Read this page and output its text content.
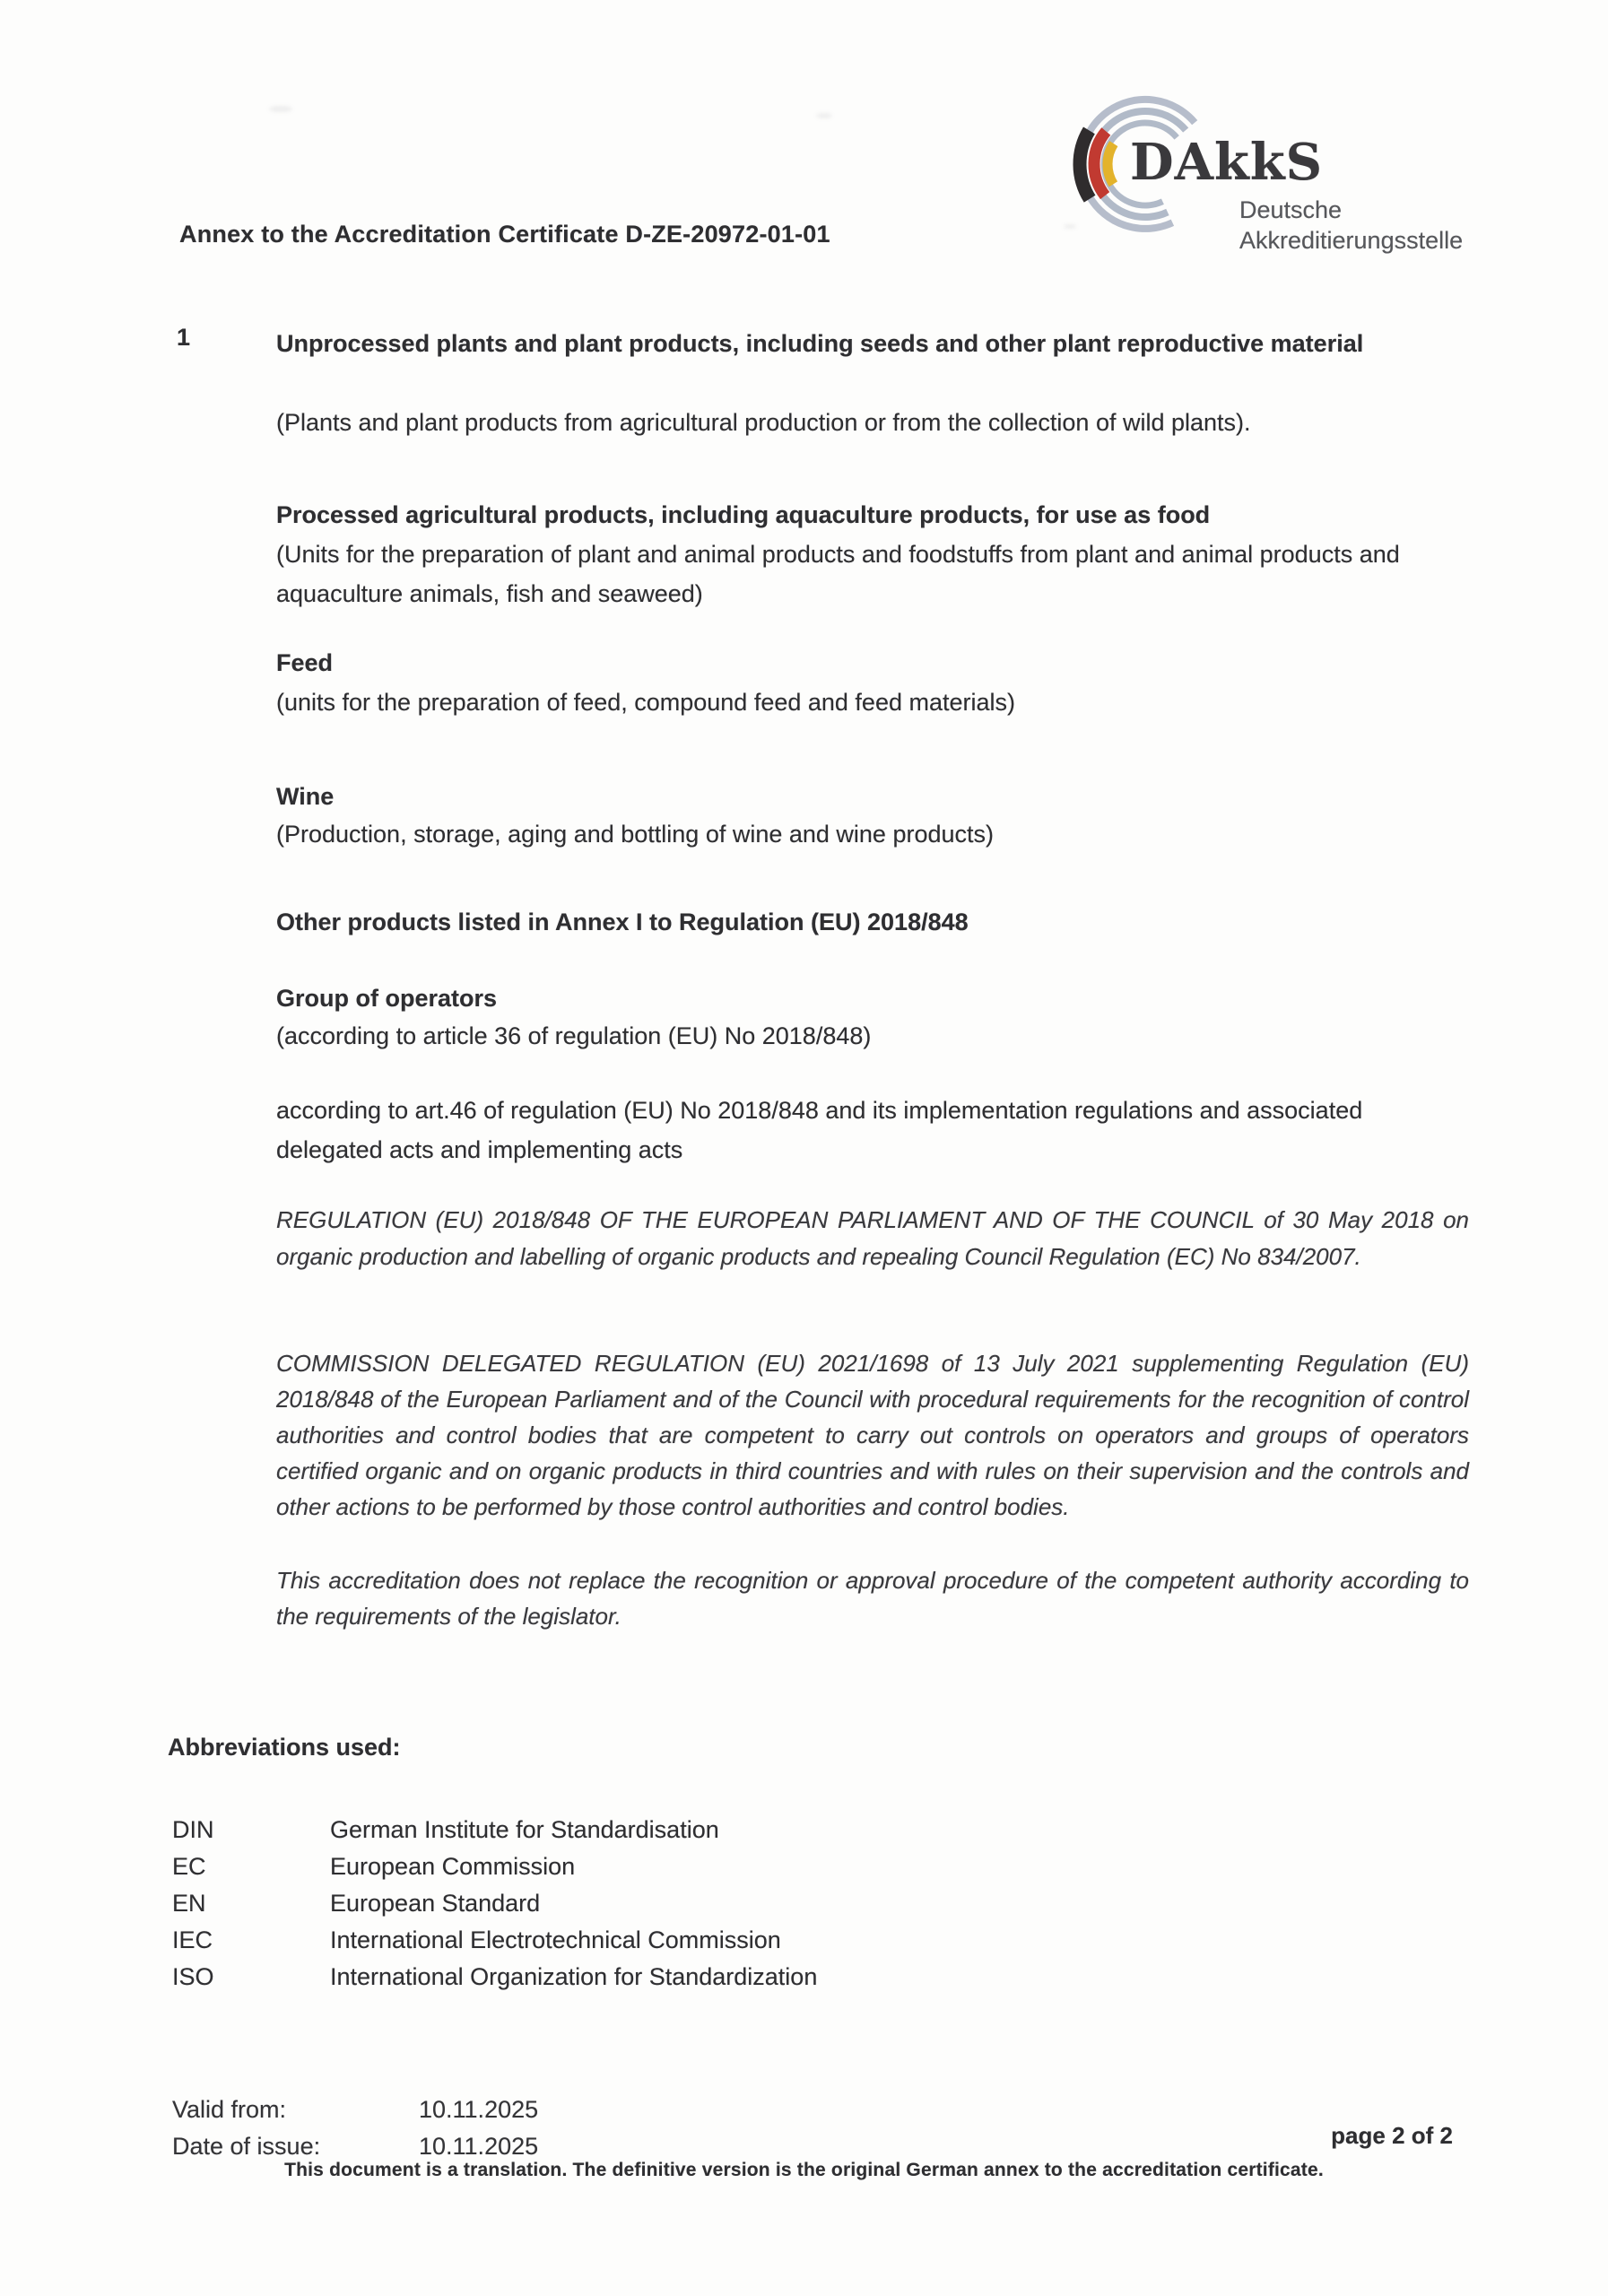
Annex to the Accreditation Certificate D-ZE-20972-01-01
DAkkS
Deutsche
Akkreditierungsstelle
1	Unprocessed plants and plant products, including seeds and other plant reproductive material
(Plants and plant products from agricultural production or from the collection of wild plants).
Processed agricultural products, including aquaculture products, for use as food
(Units for the preparation of plant and animal products and foodstuffs from plant and animal products and aquaculture animals, fish and seaweed)
Feed
(units for the preparation of feed, compound feed and feed materials)
Wine
(Production, storage, aging and bottling of wine and wine products)
Other products listed in Annex I to Regulation (EU) 2018/848
Group of operators
(according to article 36 of regulation (EU) No 2018/848)
according to art.46 of regulation (EU) No 2018/848 and its implementation regulations and associated delegated acts and implementing acts
REGULATION (EU) 2018/848 OF THE EUROPEAN PARLIAMENT AND OF THE COUNCIL of 30 May 2018 on organic production and labelling of organic products and repealing Council Regulation (EC) No 834/2007.
COMMISSION DELEGATED REGULATION (EU) 2021/1698 of 13 July 2021 supplementing Regulation (EU) 2018/848 of the European Parliament and of the Council with procedural requirements for the recognition of control authorities and control bodies that are competent to carry out controls on operators and groups of operators certified organic and on organic products in third countries and with rules on their supervision and the controls and other actions to be performed by those control authorities and control bodies.
This accreditation does not replace the recognition or approval procedure of the competent authority according to the requirements of the legislator.
Abbreviations used:
DIN	German Institute for Standardisation
EC	European Commission
EN	European Standard
IEC	International Electrotechnical Commission
ISO	International Organization for Standardization
Valid from:	10.11.2025
Date of issue:	10.11.2025	page 2 of 2
This document is a translation. The definitive version is the original German annex to the accreditation certificate.
